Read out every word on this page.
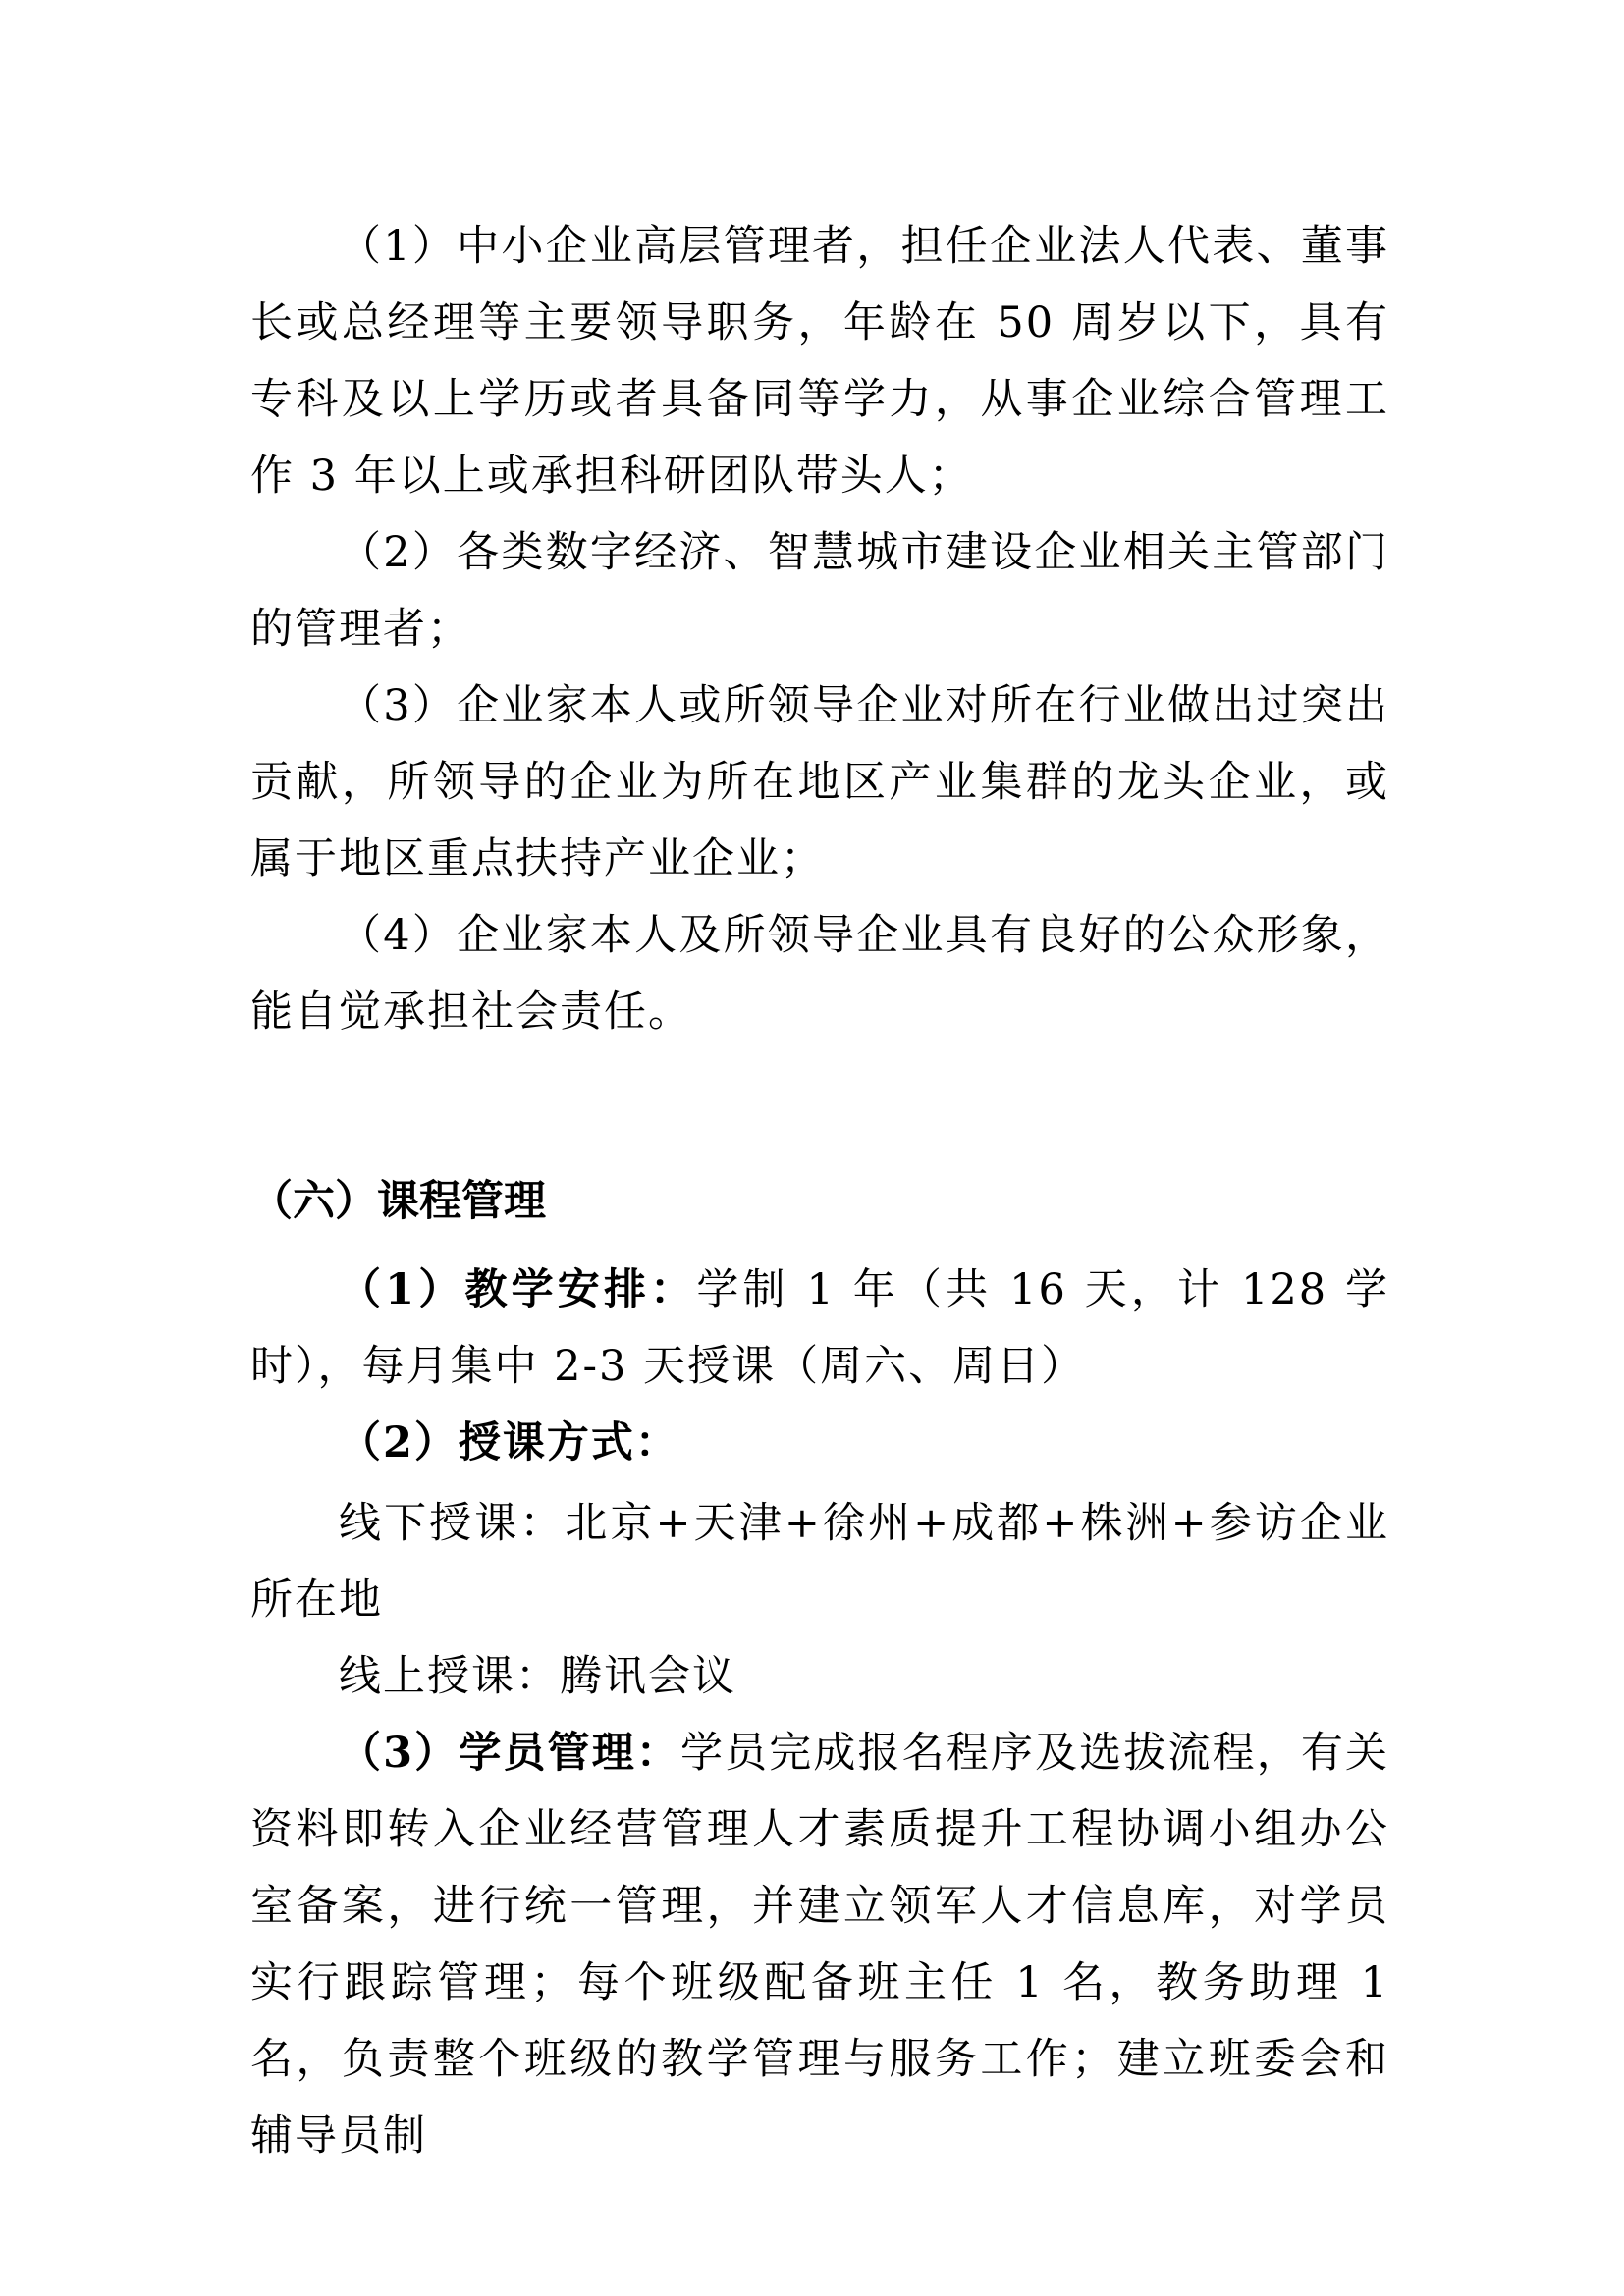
（1）中小企业高层管理者，担任企业法人代表、董事长或总经理等主要领导职务，年龄在 50 周岁以下，具有专科及以上学历或者具备同等学力，从事企业综合管理工作 3 年以上或承担科研团队带头人；

（2）各类数字经济、智慧城市建设企业相关主管部门的管理者；

（3）企业家本人或所领导企业对所在行业做出过突出贡献，所领导的企业为所在地区产业集群的龙头企业，或属于地区重点扶持产业企业；

（4）企业家本人及所领导企业具有良好的公众形象，能自觉承担社会责任。

（六）课程管理

（1）教学安排：学制 1 年（共 16 天，计 128 学时），每月集中 2-3 天授课（周六、周日）

（2）授课方式：

线下授课：北京+天津+徐州+成都+株洲+参访企业所在地

线上授课：腾讯会议

（3）学员管理：学员完成报名程序及选拔流程，有关资料即转入企业经营管理人才素质提升工程协调小组办公室备案，进行统一管理，并建立领军人才信息库，对学员实行跟踪管理；每个班级配备班主任 1 名，教务助理 1 名，负责整个班级的教学管理与服务工作；建立班委会和辅导员制
